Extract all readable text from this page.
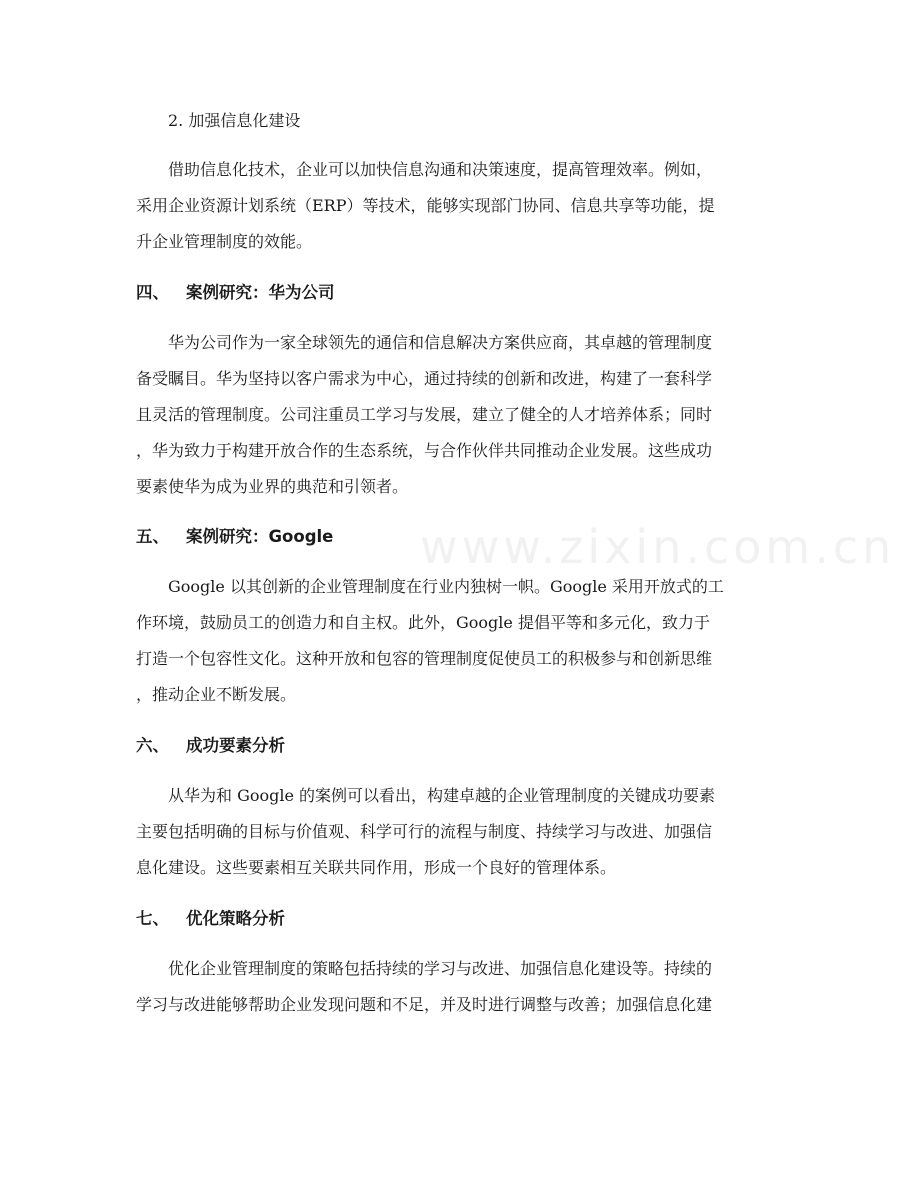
www.zixin.com.cn
2. 加强信息化建设
借助信息化技术，企业可以加快信息沟通和决策速度，提高管理效率。例如，
采用企业资源计划系统（ERP）等技术，能够实现部门协同、信息共享等功能，提
升企业管理制度的效能。
四、 案例研究：华为公司
华为公司作为一家全球领先的通信和信息解决方案供应商，其卓越的管理制度
备受瞩目。华为坚持以客户需求为中心，通过持续的创新和改进，构建了一套科学
且灵活的管理制度。公司注重员工学习与发展，建立了健全的人才培养体系；同时
，华为致力于构建开放合作的生态系统，与合作伙伴共同推动企业发展。这些成功
要素使华为成为业界的典范和引领者。
五、 案例研究：Google
Google 以其创新的企业管理制度在行业内独树一帜。Google 采用开放式的工
作环境，鼓励员工的创造力和自主权。此外，Google 提倡平等和多元化，致力于
打造一个包容性文化。这种开放和包容的管理制度促使员工的积极参与和创新思维
，推动企业不断发展。
六、 成功要素分析
从华为和 Google 的案例可以看出，构建卓越的企业管理制度的关键成功要素
主要包括明确的目标与价值观、科学可行的流程与制度、持续学习与改进、加强信
息化建设。这些要素相互关联共同作用，形成一个良好的管理体系。
七、 优化策略分析
优化企业管理制度的策略包括持续的学习与改进、加强信息化建设等。持续的
学习与改进能够帮助企业发现问题和不足，并及时进行调整与改善；加强信息化建
